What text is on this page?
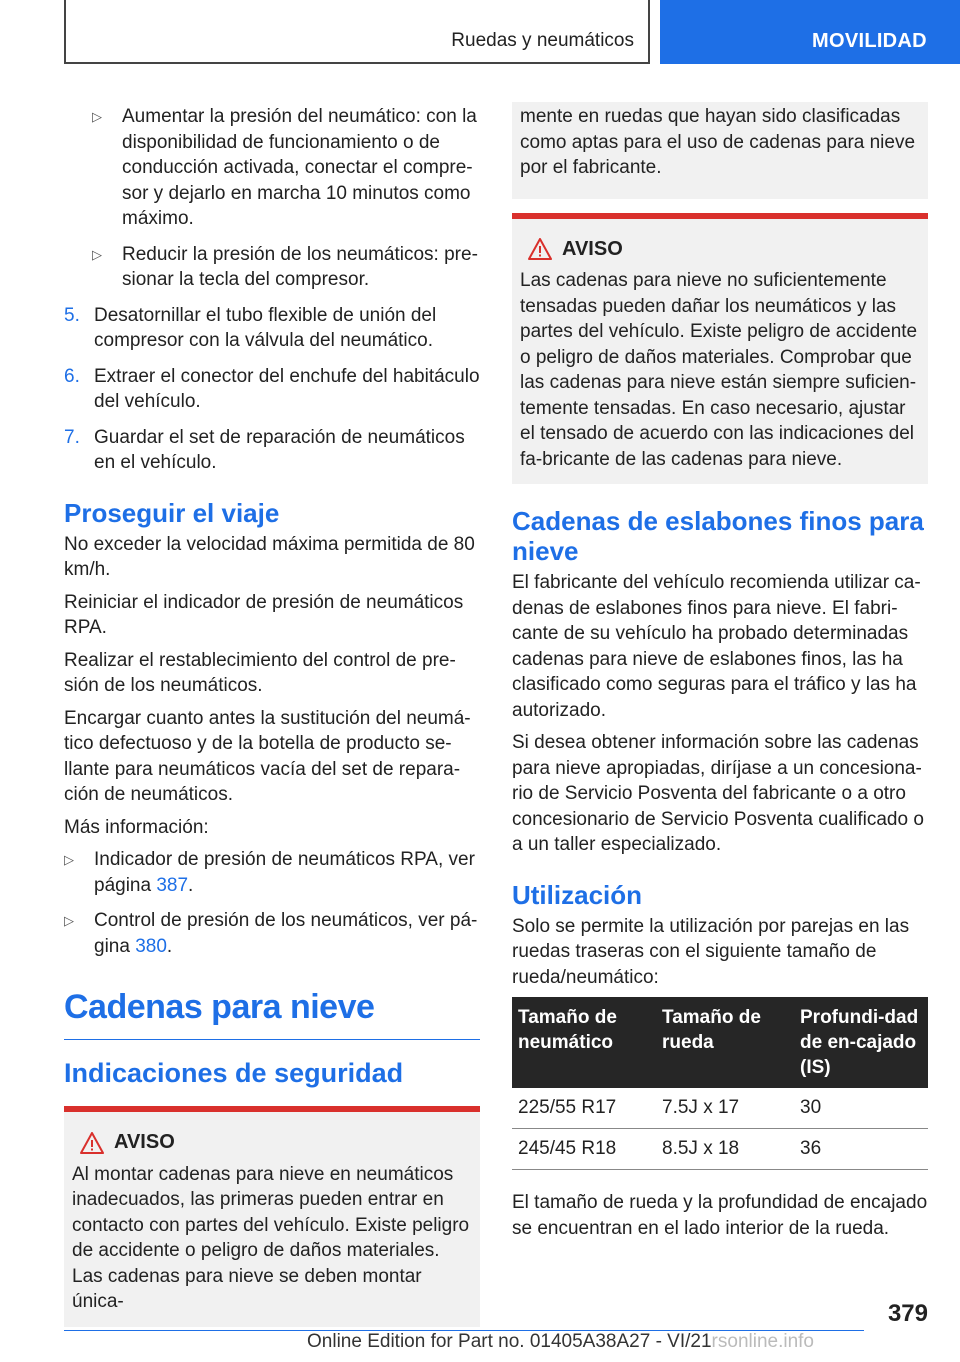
Ruedas y neumáticos	MOVILIDAD
▷ Aumentar la presión del neumático: con la disponibilidad de funcionamiento o de conducción activada, conectar el compre-sor y dejarlo en marcha 10 minutos como máximo.
▷ Reducir la presión de los neumáticos: pre-sionar la tecla del compresor.
5. Desatornillar el tubo flexible de unión del compresor con la válvula del neumático.
6. Extraer el conector del enchufe del habitáculo del vehículo.
7. Guardar el set de reparación de neumáticos en el vehículo.
Proseguir el viaje

No exceder la velocidad máxima permitida de 80 km/h.

Reiniciar el indicador de presión de neumáticos RPA.

Realizar el restablecimiento del control de pre-sión de los neumáticos.

Encargar cuanto antes la sustitución del neumá-tico defectuoso y de la botella de producto se-llante para neumáticos vacía del set de repara-ción de neumáticos.

Más información:

▷ Indicador de presión de neumáticos RPA, ver página 387.
▷ Control de presión de los neumáticos, ver pá-gina 380.
Cadenas para nieve
Indicaciones de seguridad
AVISO
Al montar cadenas para nieve en neumáticos inadecuados, las primeras pueden entrar en contacto con partes del vehículo. Existe peligro de accidente o peligro de daños materiales. Las cadenas para nieve se deben montar única-
mente en ruedas que hayan sido clasificadas como aptas para el uso de cadenas para nieve por el fabricante.
AVISO
Las cadenas para nieve no suficientemente tensadas pueden dañar los neumáticos y las partes del vehículo. Existe peligro de accidente o peligro de daños materiales. Comprobar que las cadenas para nieve están siempre suficien-temente tensadas. En caso necesario, ajustar el tensado de acuerdo con las indicaciones del fa-bricante de las cadenas para nieve.
Cadenas de eslabones finos para nieve

El fabricante del vehículo recomienda utilizar ca-denas de eslabones finos para nieve. El fabri-cante de su vehículo ha probado determinadas cadenas para nieve de eslabones finos, las ha clasificado como seguras para el tráfico y las ha autorizado.

Si desea obtener información sobre las cadenas para nieve apropiadas, diríjase a un concesiona-rio de Servicio Posventa del fabricante o a otro concesionario de Servicio Posventa cualificado o a un taller especializado.

Utilización

Solo se permite la utilización por parejas en las ruedas traseras con el siguiente tamaño de rueda/neumático:

Tamaño de neumático	Tamaño de rueda	Profundi-dad de en-cajado (IS)
225/55 R17	7.5J x 17	30
245/45 R18	8.5J x 18	36

El tamaño de rueda y la profundidad de encajado se encuentran en el lado interior de la rueda.

379
Online Edition for Part no. 01405A38A27 - VI/21rsonline.info
